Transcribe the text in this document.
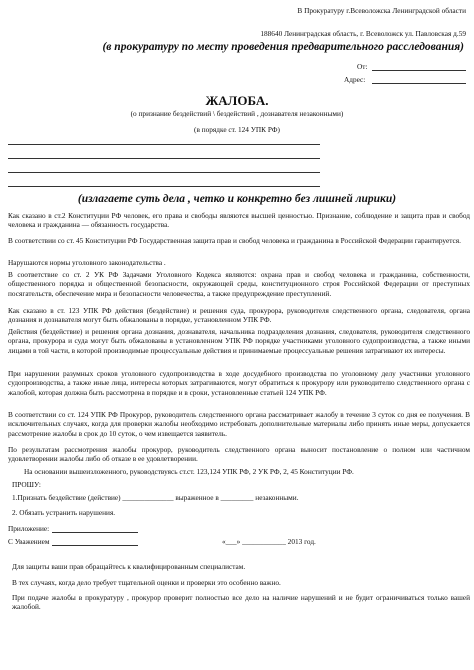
В Прокуратуру г.Всеволожска Ленинградской области
188640 Ленинградская область, г. Всеволожск ул. Павловская д.59
(в прокуратуру по месту проведения предварительного расследования)
От:
Адрес:
ЖАЛОБА.
(о признание бездействий \ бездействий , дознавателя незаконными)
(в порядке ст. 124 УПК РФ)
(излагаете суть дела , четко и конкретно без лишней лирики)
Как сказано в ст.2 Конституции РФ человек, его права и свободы являются высшей ценностью. Признание, соблюдение и защита прав и свобод человека и гражданина — обязанность государства.
В соответствии со ст. 45 Конституции РФ Государственная защита прав и свобод человека и гражданина в Российской Федерации гарантируется.
Нарушаются нормы уголовного законодательства .
В соответствие со ст. 2 УК РФ Задачами Уголовного Кодекса являются: охрана прав и свобод человека и гражданина, собственности, общественного порядка и общественной безопасности, окружающей среды, конституционного строя Российской Федерации от преступных посягательств, обеспечение мира и безопасности человечества, а также предупреждение преступлений.
Как сказано в ст. 123 УПК РФ действия (бездействие) и решения суда, прокурора, руководителя следственного органа, следователя, органа дознания и дознавателя могут быть обжалованы в порядке, установленном УПК РФ.
Действия (бездействие) и решения органа дознания, дознавателя, начальника подразделения дознания, следователя, руководителя следственного органа, прокурора и суда могут быть обжалованы в установленном УПК РФ порядке участниками уголовного судопроизводства, а также иными лицами в той части, в которой производимые процессуальные действия и принимаемые процессуальные решения затрагивают их интересы.
При нарушении разумных сроков уголовного судопроизводства в ходе досудебного производства по уголовному делу участники уголовного судопроизводства, а также иные лица, интересы которых затрагиваются, могут обратиться к прокурору или руководителю следственного органа с жалобой, которая должна быть рассмотрена в порядке и в сроки, установленные статьей 124 УПК РФ.
В соответствии со ст. 124 УПК РФ Прокурор, руководитель следственного органа рассматривает жалобу в течение 3 суток со дня ее получения. В исключительных случаях, когда для проверки жалобы необходимо истребовать дополнительные материалы либо принять иные меры, допускается рассмотрение жалобы в срок до 10 суток, о чем извещается заявитель.
По результатам рассмотрения жалобы прокурор, руководитель следственного органа выносит постановление о полном или частичном удовлетворении жалобы либо об отказе в ее удовлетворении.
На основании вышеизложенного, руководствуясь ст.ст. 123,124 УПК РФ, 2 УК РФ, 2, 45 Конституции РФ.
ПРОШУ:
1.Признать бездействие (действие) ______________ выраженное в _________ незаконными.
2. Обязать устранить нарушения.
Приложение:
С Уважением	«___» ____________ 2013 год.
Для защиты ваши прав обращайтесь к квалифицированным специалистам.
В тех случаях, когда дело требует тщательной оценки и проверки это особенно важно.
При подаче жалобы в прокуратуру , прокурор проверит полностью все дело на наличие нарушений и не будит ограничиваться только вашей жалобой.
